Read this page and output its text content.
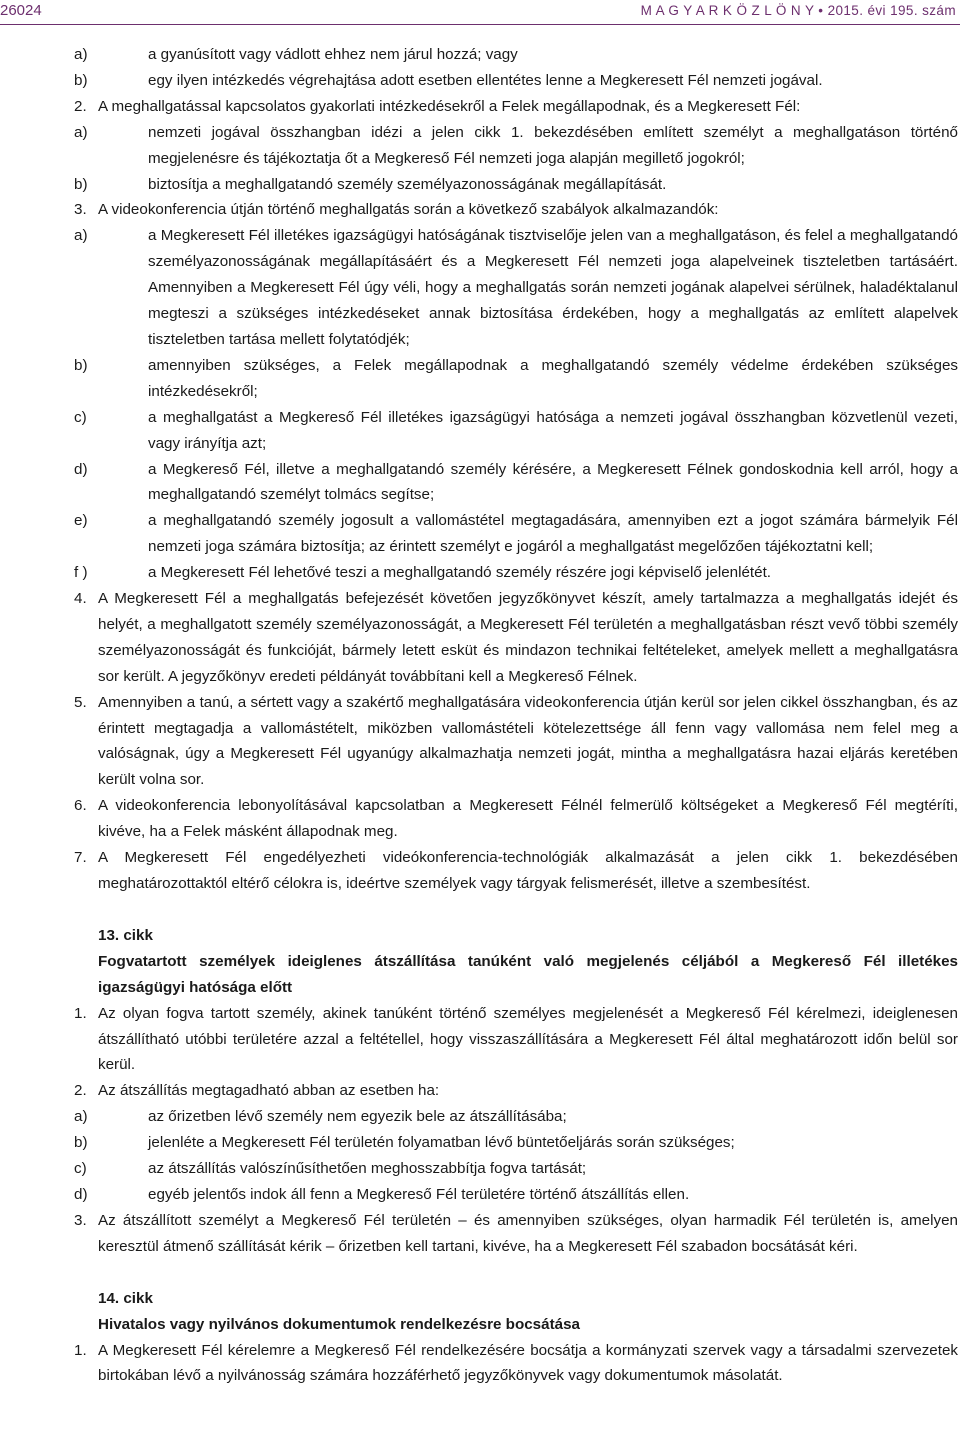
26024	M A G Y A R K Ö Z L Ö N Y • 2015. évi 195. szám
a)	a gyanúsított vagy vádlott ehhez nem járul hozzá; vagy
b)	egy ilyen intézkedés végrehajtása adott esetben ellentétes lenne a Megkeresett Fél nemzeti jogával.
2. A meghallgatással kapcsolatos gyakorlati intézkedésekről a Felek megállapodnak, és a Megkeresett Fél:
a)	nemzeti jogával összhangban idézi a jelen cikk 1. bekezdésében említett személyt a meghallgatáson történő megjelenésre és tájékoztatja őt a Megkereső Fél nemzeti joga alapján megillető jogokról;
b)	biztosítja a meghallgatandó személy személyazonosságának megállapítását.
3. A videokonferencia útján történő meghallgatás során a következő szabályok alkalmazandók:
a)	a Megkeresett Fél illetékes igazságügyi hatóságának tisztviselője jelen van a meghallgatáson, és felel a meghallgatandó személyazonosságának megállapításáért és a Megkeresett Fél nemzeti joga alapelveinek tiszteletben tartásáért. Amennyiben a Megkeresett Fél úgy véli, hogy a meghallgatás során nemzeti jogának alapelvei sérülnek, haladéktalanul megteszi a szükséges intézkedéseket annak biztosítása érdekében, hogy a meghallgatás az említett alapelvek tiszteletben tartása mellett folytatódjék;
b)	amennyiben szükséges, a Felek megállapodnak a meghallgatandó személy védelme érdekében szükséges intézkedésekről;
c)	a meghallgatást a Megkereső Fél illetékes igazságügyi hatósága a nemzeti jogával összhangban közvetlenül vezeti, vagy irányítja azt;
d)	a Megkereső Fél, illetve a meghallgatandó személy kérésére, a Megkeresett Félnek gondoskodnia kell arról, hogy a meghallgatandó személyt tolmács segítse;
e)	a meghallgatandó személy jogosult a vallomástétel megtagadására, amennyiben ezt a jogot számára bármelyik Fél nemzeti joga számára biztosítja; az érintett személyt e jogáról a meghallgatást megelőzően tájékoztatni kell;
f )	a Megkeresett Fél lehetővé teszi a meghallgatandó személy részére jogi képviselő jelenlétét.
4. A Megkeresett Fél a meghallgatás befejezését követően jegyzőkönyvet készít, amely tartalmazza a meghallgatás idejét és helyét, a meghallgatott személy személyazonosságát, a Megkeresett Fél területén a meghallgatásban részt vevő többi személy személyazonosságát és funkcióját, bármely letett esküt és mindazon technikai feltételeket, amelyek mellett a meghallgatásra sor került. A jegyzőkönyv eredeti példányát továbbítani kell a Megkereső Félnek.
5. Amennyiben a tanú, a sértett vagy a szakértő meghallgatására videokonferencia útján kerül sor jelen cikkel összhangban, és az érintett megtagadja a vallomástételt, miközben vallomástételi kötelezettsége áll fenn vagy vallomása nem felel meg a valóságnak, úgy a Megkeresett Fél ugyanúgy alkalmazhatja nemzeti jogát, mintha a meghallgatásra hazai eljárás keretében került volna sor.
6. A videokonferencia lebonyolításával kapcsolatban a Megkeresett Félnél felmerülő költségeket a Megkereső Fél megtéríti, kivéve, ha a Felek másként állapodnak meg.
7. A Megkeresett Fél engedélyezheti videókonferencia-technológiák alkalmazását a jelen cikk 1. bekezdésében meghatározottaktól eltérő célokra is, ideértve személyek vagy tárgyak felismerését, illetve a szembesítést.
13. cikk
Fogvatartott személyek ideiglenes átszállítása tanúként való megjelenés céljából a Megkereső Fél illetékes igazságügyi hatósága előtt
1. Az olyan fogva tartott személy, akinek tanúként történő személyes megjelenését a Megkereső Fél kérelmezi, ideiglenesen átszállítható utóbbi területére azzal a feltétellel, hogy visszaszállítására a Megkeresett Fél által meghatározott időn belül sor kerül.
2. Az átszállítás megtagadható abban az esetben ha:
a)	az őrizetben lévő személy nem egyezik bele az átszállításába;
b)	jelenléte a Megkeresett Fél területén folyamatban lévő büntetőeljárás során szükséges;
c)	az átszállítás valószínűsíthetően meghosszabbítja fogva tartását;
d)	egyéb jelentős indok áll fenn a Megkereső Fél területére történő átszállítás ellen.
3. Az átszállított személyt a Megkereső Fél területén – és amennyiben szükséges, olyan harmadik Fél területén is, amelyen keresztül átmenő szállítását kérik – őrizetben kell tartani, kivéve, ha a Megkeresett Fél szabadon bocsátását kéri.
14. cikk
Hivatalos vagy nyilvános dokumentumok rendelkezésre bocsátása
1. A Megkeresett Fél kérelemre a Megkereső Fél rendelkezésére bocsátja a kormányzati szervek vagy a társadalmi szervezetek birtokában lévő a nyilvánosság számára hozzáférhető jegyzőkönyvek vagy dokumentumok másolatát.
